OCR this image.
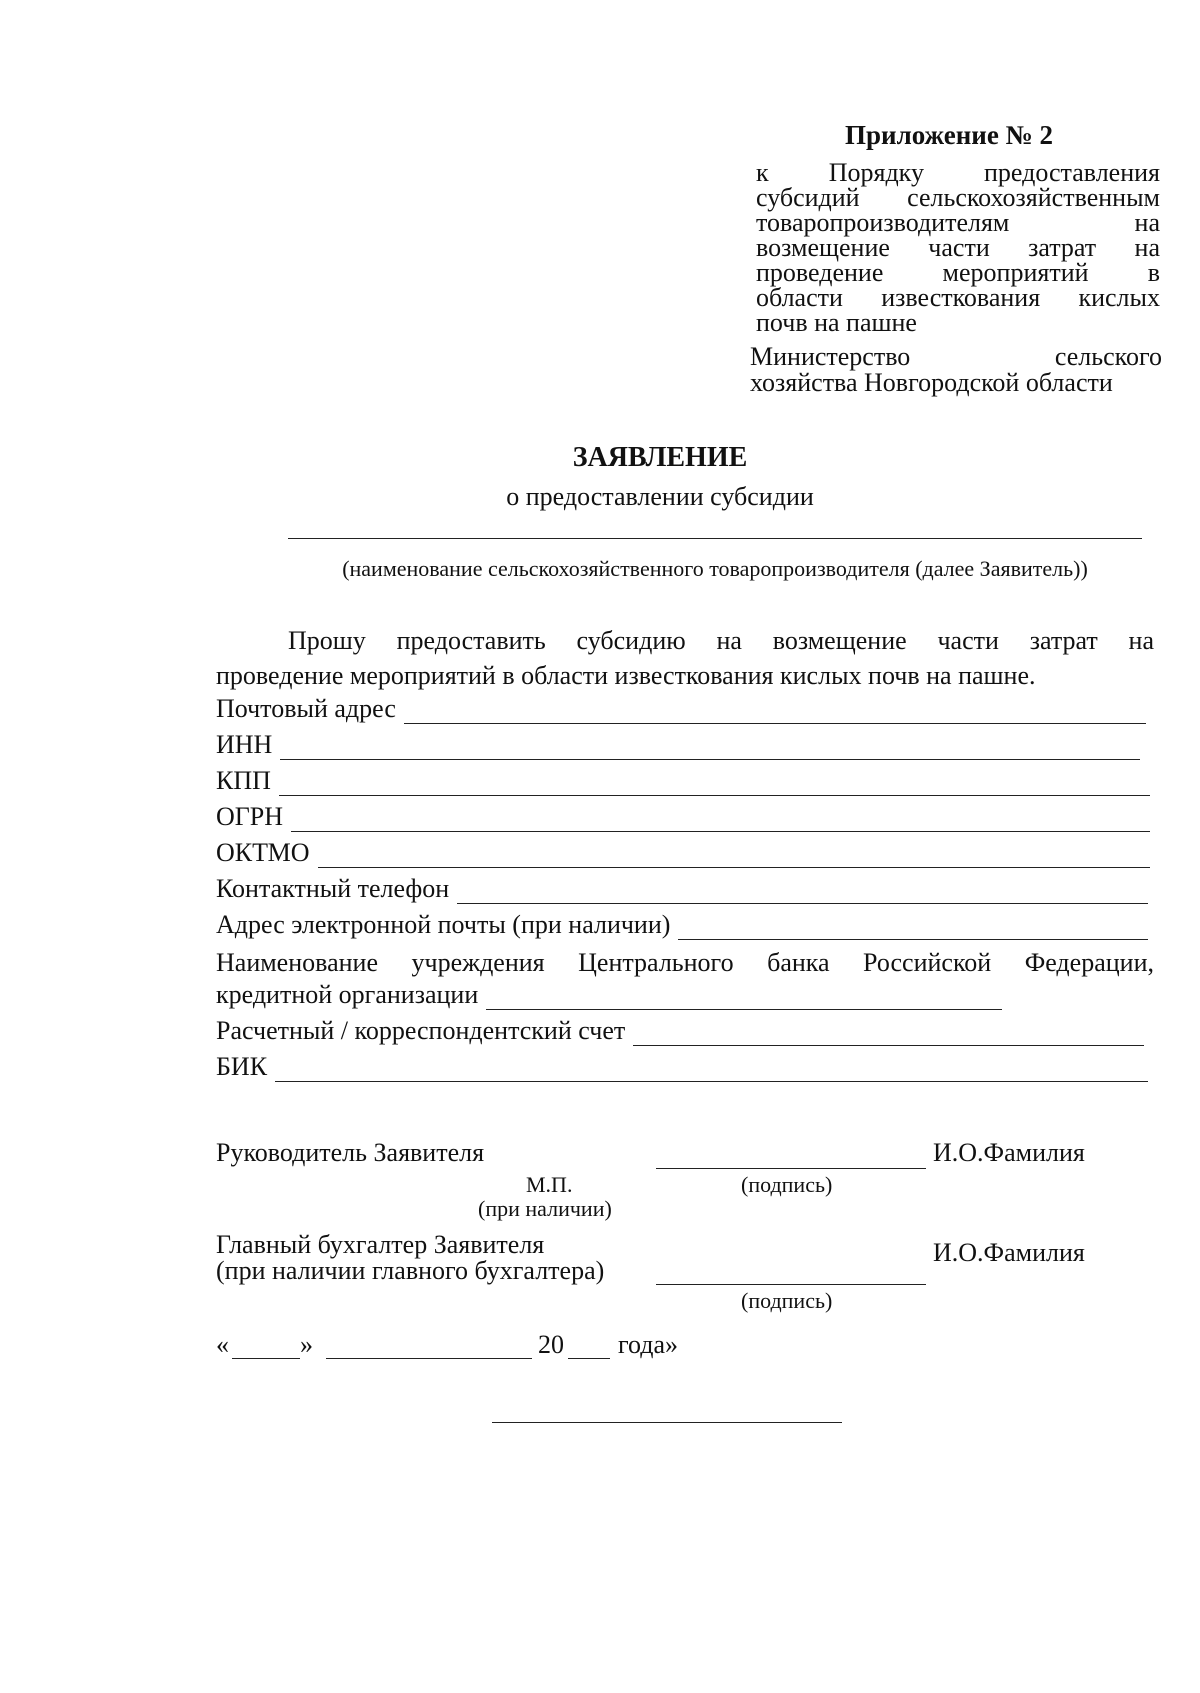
Приложение № 2
к Порядку предоставления
субсидий сельскохозяйственным
товаропроизводителям на
возмещение части затрат на
проведение мероприятий в
области известкования кислых
почв на пашне
Министерство сельского
хозяйства Новгородской области
ЗАЯВЛЕНИЕ
о предоставлении субсидии
(наименование сельскохозяйственного товаропроизводителя (далее Заявитель))
Прошу предоставить субсидию на возмещение части затрат на
проведение мероприятий в области известкования кислых почв на пашне.
Почтовый адрес
ИНН
КПП
ОГРН
ОКТМО
Контактный телефон
Адрес электронной почты (при наличии)
Наименование учреждения Центрального банка Российской Федерации,
кредитной организации
Расчетный / корреспондентский счет
БИК
Руководитель Заявителя	И.О.Фамилия
М.П.
(при наличии)
(подпись)
Главный бухгалтер Заявителя
(при наличии главного бухгалтера)
И.О.Фамилия
(подпись)
«	»	20 года»
